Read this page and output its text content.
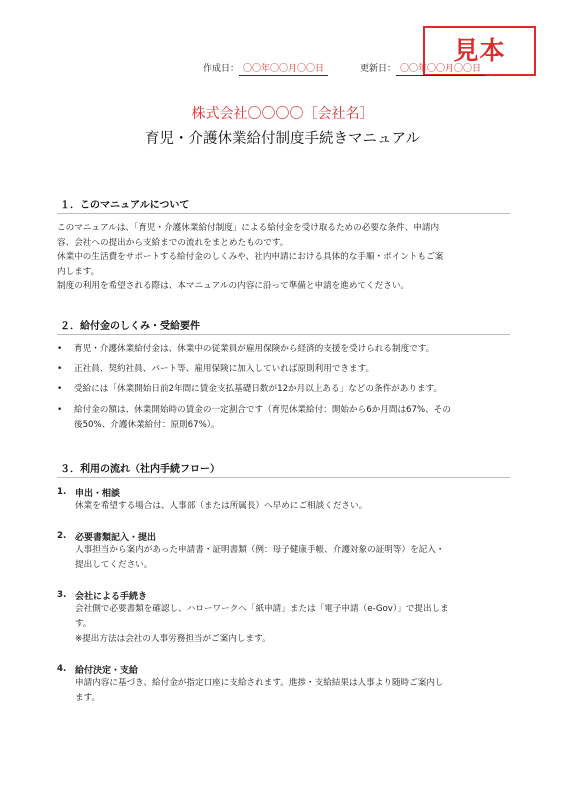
見本
作成日： 〇〇年〇〇月〇〇日	更新日： 〇〇年〇〇月〇〇日
株式会社〇〇〇〇［会社名］
育児・介護休業給付制度手続きマニュアル
１．このマニュアルについて
このマニュアルは、「育児・介護休業給付制度」による給付金を受け取るための必要な条件、申請内
容、会社への提出から支給までの流れをまとめたものです。
休業中の生活費をサポートする給付金のしくみや、社内申請における具体的な手順・ポイントもご案
内します。
制度の利用を希望される際は、本マニュアルの内容に沿って準備と申請を進めてください。
２．給付金のしくみ・受給要件
• 育児・介護休業給付金は、休業中の従業員が雇用保険から経済的支援を受けられる制度です。
• 正社員、契約社員、パート等、雇用保険に加入していれば原則利用できます。
• 受給には「休業開始日前2年間に賃金支払基礎日数が12か月以上ある」などの条件があります。
• 給付金の額は、休業開始時の賃金の一定割合です（育児休業給付：開始から6か月間は67%、その
後50%、介護休業給付：原則67%）。
３．利用の流れ（社内手続フロー）
1. 申出・相談
休業を希望する場合は、人事部（または所属長）へ早めにご相談ください。
2. 必要書類記入・提出
人事担当から案内があった申請書・証明書類（例：母子健康手帳、介護対象の証明等）を記入・
提出してください。
3. 会社による手続き
会社側で必要書類を確認し、ハローワークへ「紙申請」または「電子申請（e-Gov）」で提出しま
す。
※提出方法は会社の人事労務担当がご案内します。
4. 給付決定・支給
申請内容に基づき、給付金が指定口座に支給されます。進捗・支給結果は人事より随時ご案内し
ます。
